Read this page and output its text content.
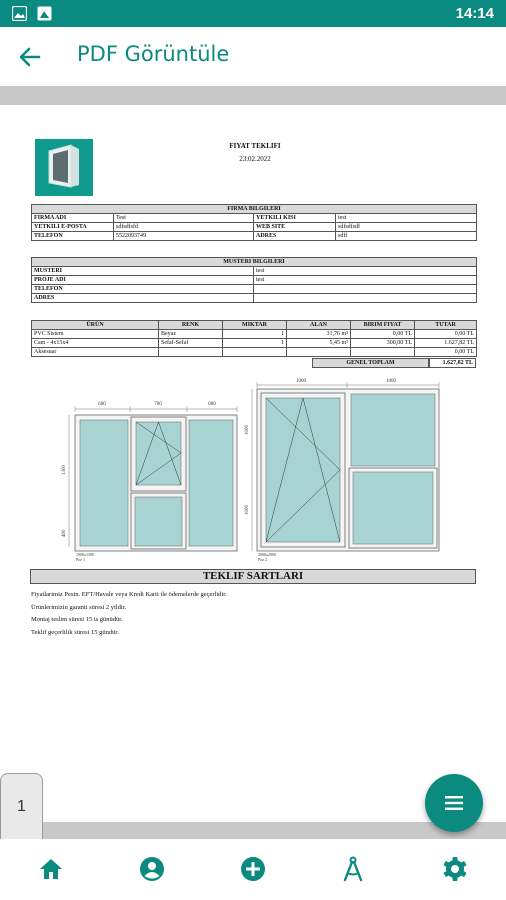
14:14
PDF Görüntüle
FIYAT TEKLIFI
23.02.2022
FIRMA BILGILERI			
FIRMA ADI	Test	YETKILI KISI	test
YETKILI E-POSTA	sdfsdfsfd	WEB SITE	sdfsdfsdf
TELEFON	5522093749	ADRES	sdff
MUSTERI BILGILERI	
MUSTERI	test
PROJE ADI	test
TELEFON	
ADRES	
ÜRÜN	RENK	MIKTAR	ALAN	BIRIM FIYAT	TUTAR
PVC Sistem	Beyaz	1	31,76 m²	0,00 TL	0,00 TL
Cam - 4x15x4	Sefaf-Sefaf	1	5,45 m²	300,00 TL	1.627,82 TL
Aksesuar					0,00 TL
GENEL TOPLAM	1.627,82 TL
600	700	600
1300
400
1900x1300
Poz 1
1000	1000
1000
1000
2000x2000
Poz 2
TEKLIF SARTLARI
Fiyatlarimiz Pesin. EFT/Havale veya Kredi Karti ile ödemelerde geçerlidir.
Ürünlerimizin garanti süresi 2 yildir.
Montaj teslim süresi 15 is günüdür.
Teklif geçerlilik süresi 15 gündür.
1
